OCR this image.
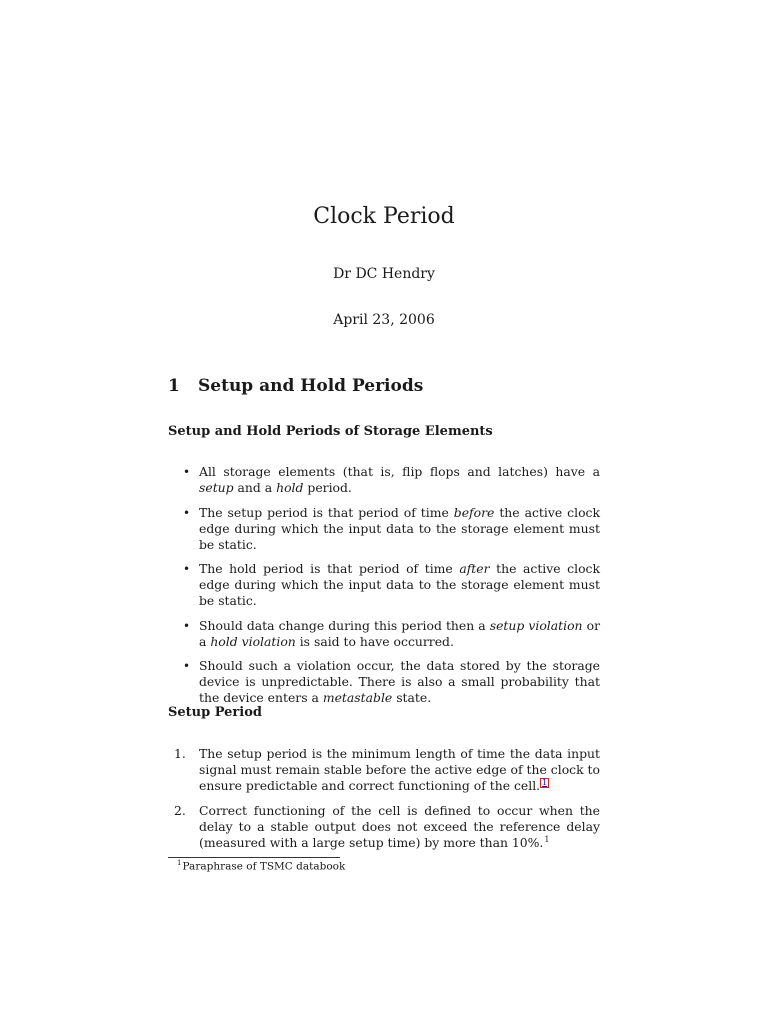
Clock Period
Dr DC Hendry
April 23, 2006
1 Setup and Hold Periods
Setup and Hold Periods of Storage Elements
• All storage elements (that is, flip flops and latches) have a setup and a hold period.
• The setup period is that period of time before the active clock edge during which the input data to the storage element must be static.
• The hold period is that period of time after the active clock edge during which the input data to the storage element must be static.
• Should data change during this period then a setup violation or a hold violation is said to have occurred.
• Should such a violation occur, the data stored by the storage device is unpredictable. There is also a small probability that the device enters a metastable state.
Setup Period
1. The setup period is the minimum length of time the data input signal must remain stable before the active edge of the clock to ensure predictable and correct functioning of the cell. 1
2. Correct functioning of the cell is defined to occur when the delay to a stable output does not exceed the reference delay (measured with a large setup time) by more than 10%.1
1Paraphrase of TSMC databook
